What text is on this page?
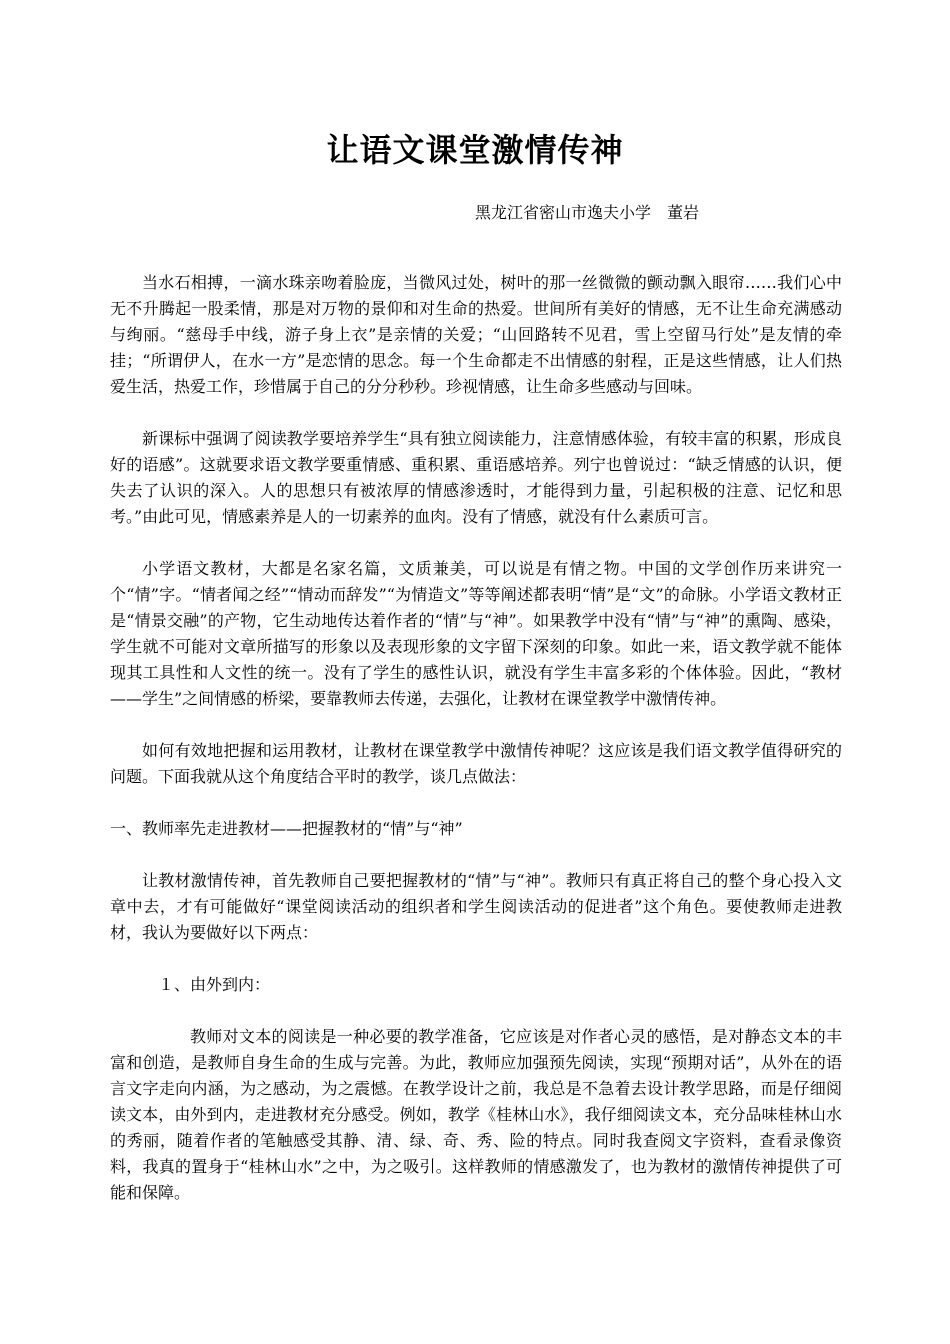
让语文课堂激情传神
黑龙江省密山市逸夫小学　董岩

当水石相搏，一滴水珠亲吻着脸庞，当微风过处，树叶的那一丝微微的颤动飘入眼帘……我们心中无不升腾起一股柔情，那是对万物的景仰和对生命的热爱。世间所有美好的情感，无不让生命充满感动与绚丽。“慈母手中线，游子身上衣”是亲情的关爱；“山回路转不见君，雪上空留马行处”是友情的牵挂；“所谓伊人，在水一方”是恋情的思念。每一个生命都走不出情感的射程，正是这些情感，让人们热爱生活，热爱工作，珍惜属于自己的分分秒秒。珍视情感，让生命多些感动与回味。

新课标中强调了阅读教学要培养学生“具有独立阅读能力，注意情感体验，有较丰富的积累，形成良好的语感”。这就要求语文教学要重情感、重积累、重语感培养。列宁也曾说过：“缺乏情感的认识，便失去了认识的深入。人的思想只有被浓厚的情感渗透时，才能得到力量，引起积极的注意、记忆和思考。”由此可见，情感素养是人的一切素养的血肉。没有了情感，就没有什么素质可言。

小学语文教材，大都是名家名篇，文质兼美，可以说是有情之物。中国的文学创作历来讲究一个“情”字。“情者闻之经”“情动而辞发”“为情造文”等等阐述都表明“情”是“文”的命脉。小学语文教材正是“情景交融”的产物，它生动地传达着作者的“情”与“神”。如果教学中没有“情”与“神”的熏陶、感染，学生就不可能对文章所描写的形象以及表现形象的文字留下深刻的印象。如此一来，语文教学就不能体现其工具性和人文性的统一。没有了学生的感性认识，就没有学生丰富多彩的个体体验。因此，“教材——学生”之间情感的桥梁，要靠教师去传递，去强化，让教材在课堂教学中激情传神。

如何有效地把握和运用教材，让教材在课堂教学中激情传神呢？这应该是我们语文教学值得研究的问题。下面我就从这个角度结合平时的教学，谈几点做法：

一、教师率先走进教材——把握教材的“情”与“神”

让教材激情传神，首先教师自己要把握教材的“情”与“神”。教师只有真正将自己的整个身心投入文章中去，才有可能做好“课堂阅读活动的组织者和学生阅读活动的促进者”这个角色。要使教师走进教材，我认为要做好以下两点：

１、由外到内：

教师对文本的阅读是一种必要的教学准备，它应该是对作者心灵的感悟，是对静态文本的丰富和创造，是教师自身生命的生成与完善。为此，教师应加强预先阅读，实现“预期对话”，从外在的语言文字走向内涵，为之感动，为之震憾。在教学设计之前，我总是不急着去设计教学思路，而是仔细阅读文本，由外到内，走进教材充分感受。例如，教学《桂林山水》，我仔细阅读文本，充分品味桂林山水的秀丽，随着作者的笔触感受其静、清、绿、奇、秀、险的特点。同时我查阅文字资料，查看录像资料，我真的置身于“桂林山水”之中，为之吸引。这样教师的情感激发了，也为教材的激情传神提供了可能和保障。
